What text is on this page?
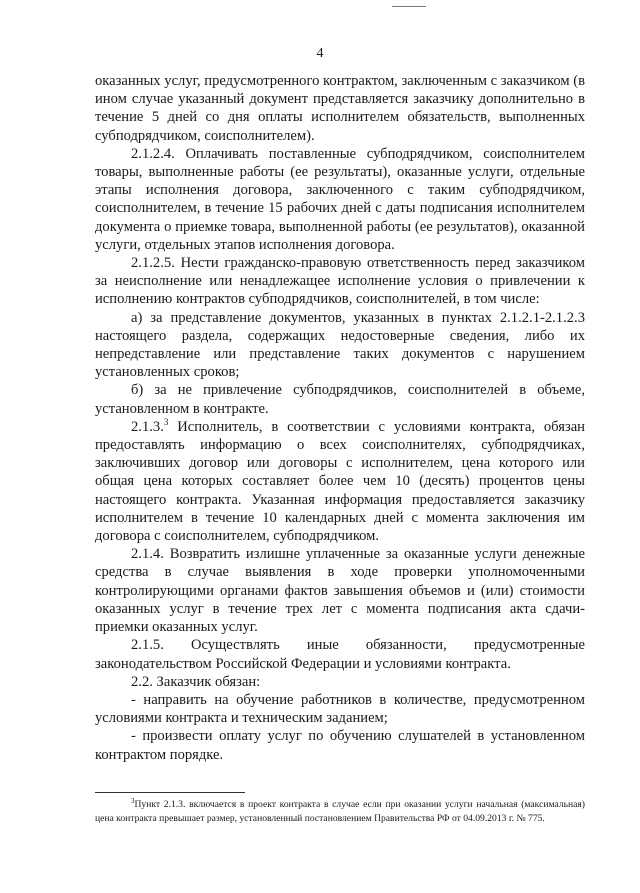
4

оказанных услуг, предусмотренного контрактом, заключенным с заказчиком (в ином случае указанный документ представляется заказчику дополнительно в течение 5 дней со дня оплаты исполнителем обязательств, выполненных субподрядчиком, соисполнителем).

2.1.2.4. Оплачивать поставленные субподрядчиком, соисполнителем товары, выполненные работы (ее результаты), оказанные услуги, отдельные этапы исполнения договора, заключенного с таким субподрядчиком, соисполнителем, в течение 15 рабочих дней с даты подписания исполнителем документа о приемке товара, выполненной работы (ее результатов), оказанной услуги, отдельных этапов исполнения договора.

2.1.2.5. Нести гражданско-правовую ответственность перед заказчиком за неисполнение или ненадлежащее исполнение условия о привлечении к исполнению контрактов субподрядчиков, соисполнителей, в том числе:

а) за представление документов, указанных в пунктах 2.1.2.1-2.1.2.3 настоящего раздела, содержащих недостоверные сведения, либо их непредставление или представление таких документов с нарушением установленных сроков;

б) за не привлечение субподрядчиков, соисполнителей в объеме, установленном в контракте.

2.1.3.$^3$ Исполнитель, в соответствии с условиями контракта, обязан предоставлять информацию о всех соисполнителях, субподрядчиках, заключивших договор или договоры с исполнителем, цена которого или общая цена которых составляет более чем 10 (десять) процентов цены настоящего контракта. Указанная информация предоставляется заказчику исполнителем в течение 10 календарных дней с момента заключения им договора с соисполнителем, субподрядчиком.

2.1.4. Возвратить излишне уплаченные за оказанные услуги денежные средства в случае выявления в ходе проверки уполномоченными контролирующими органами фактов завышения объемов и (или) стоимости оказанных услуг в течение трех лет с момента подписания акта сдачи-приемки оказанных услуг.

2.1.5. Осуществлять иные обязанности, предусмотренные законодательством Российской Федерации и условиями контракта.

2.2. Заказчик обязан:

- направить на обучение работников в количестве, предусмотренном условиями контракта и техническим заданием;

- произвести оплату услуг по обучению слушателей в установленном контрактом порядке.

$^3$Пункт 2.1.3. включается в проект контракта в случае если при оказании услуги начальная (максимальная) цена контракта превышает размер, установленный постановлением Правительства РФ от 04.09.2013 г. № 775.
